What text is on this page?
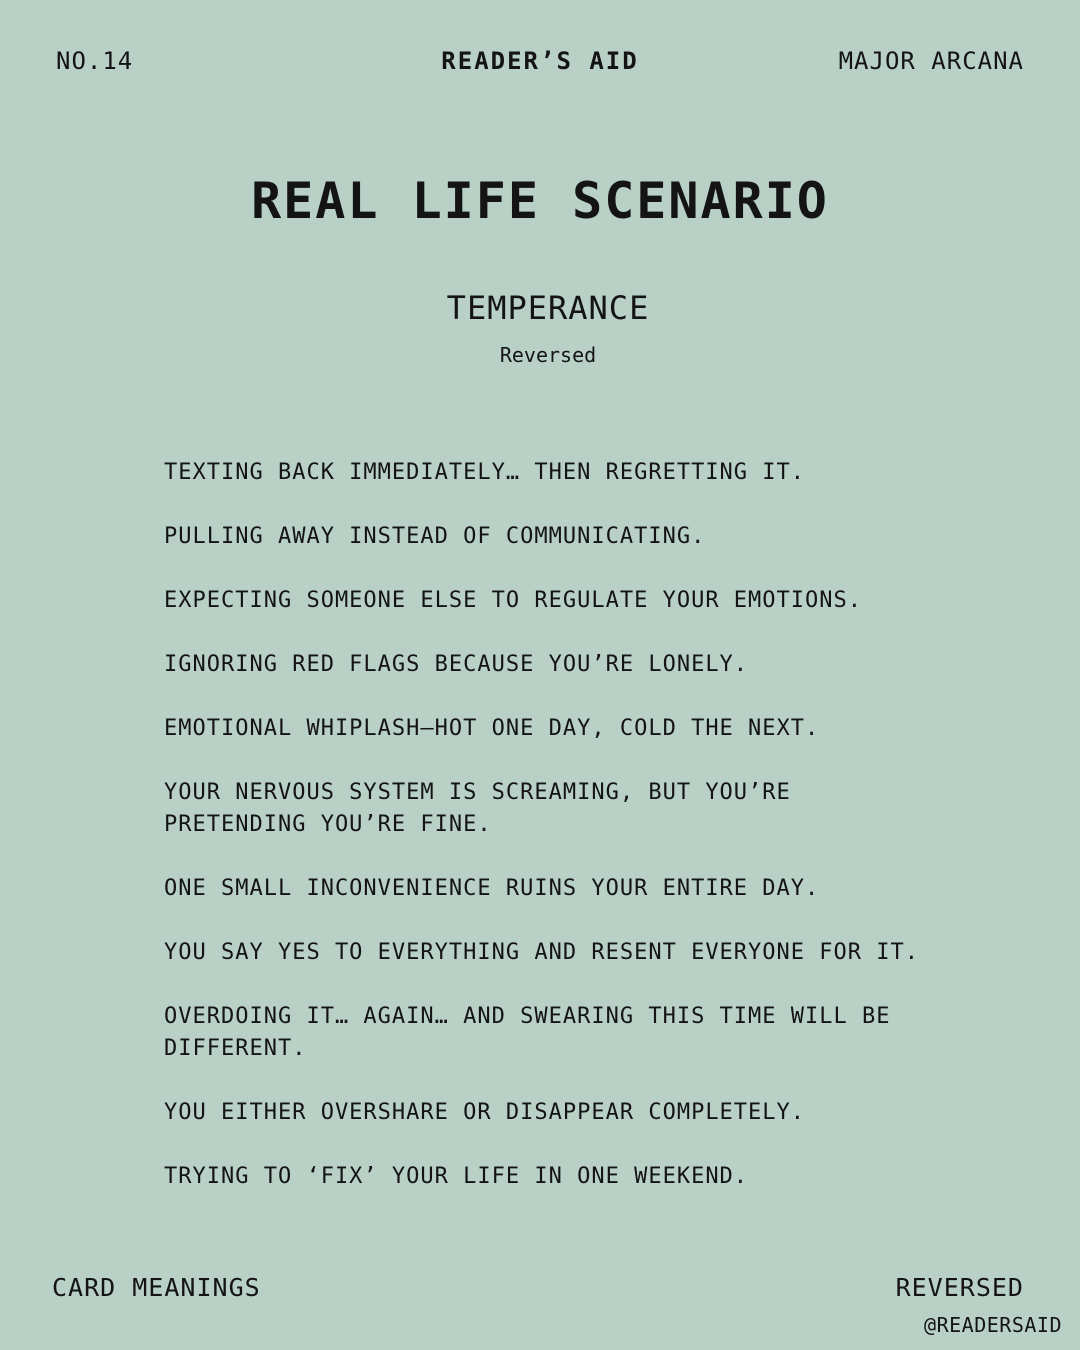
NO.14	READER’S AID	MAJOR ARCANA
REAL LIFE SCENARIO
TEMPERANCE
Reversed
TEXTING BACK IMMEDIATELY… THEN REGRETTING IT.
PULLING AWAY INSTEAD OF COMMUNICATING.
EXPECTING SOMEONE ELSE TO REGULATE YOUR EMOTIONS.
IGNORING RED FLAGS BECAUSE YOU’RE LONELY.
EMOTIONAL WHIPLASH—HOT ONE DAY, COLD THE NEXT.
YOUR NERVOUS SYSTEM IS SCREAMING, BUT YOU’RE PRETENDING YOU’RE FINE.
ONE SMALL INCONVENIENCE RUINS YOUR ENTIRE DAY.
YOU SAY YES TO EVERYTHING AND RESENT EVERYONE FOR IT.
OVERDOING IT… AGAIN… AND SWEARING THIS TIME WILL BE DIFFERENT.
YOU EITHER OVERSHARE OR DISAPPEAR COMPLETELY.
TRYING TO ‘FIX’ YOUR LIFE IN ONE WEEKEND.
CARD MEANINGS	REVERSED
@READERSAID
